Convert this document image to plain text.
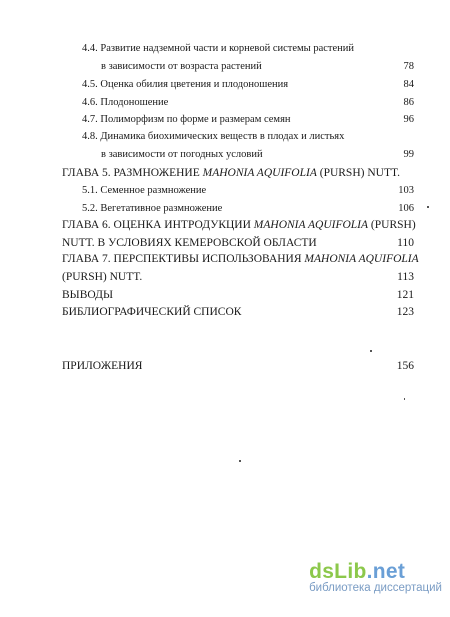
4.4. Развитие надземной части и корневой системы растений
в зависимости от возраста растений	78
4.5. Оценка обилия цветения и плодоношения	84
4.6. Плодоношение	86
4.7. Полиморфизм по форме и размерам семян	96
4.8. Динамика биохимических веществ в плодах и листьях
в зависимости от погодных условий	99
ГЛАВА 5. РАЗМНОЖЕНИЕ MAHONIA AQUIFOLIA (PURSH) NUTT.
5.1. Семенное размножение	103
5.2. Вегетативное размножение	106
ГЛАВА 6. ОЦЕНКА ИНТРОДУКЦИИ MAHONIA AQUIFOLIA (PURSH)
NUTT. В УСЛОВИЯХ КЕМЕРОВСКОЙ ОБЛАСТИ	110
ГЛАВА 7. ПЕРСПЕКТИВЫ ИСПОЛЬЗОВАНИЯ MAHONIA AQUIFOLIA
(PURSH) NUTT.	113
ВЫВОДЫ	121
БИБЛИОГРАФИЧЕСКИЙ СПИСОК	123
ПРИЛОЖЕНИЯ	156
dsLib.net
библиотека диссертаций
